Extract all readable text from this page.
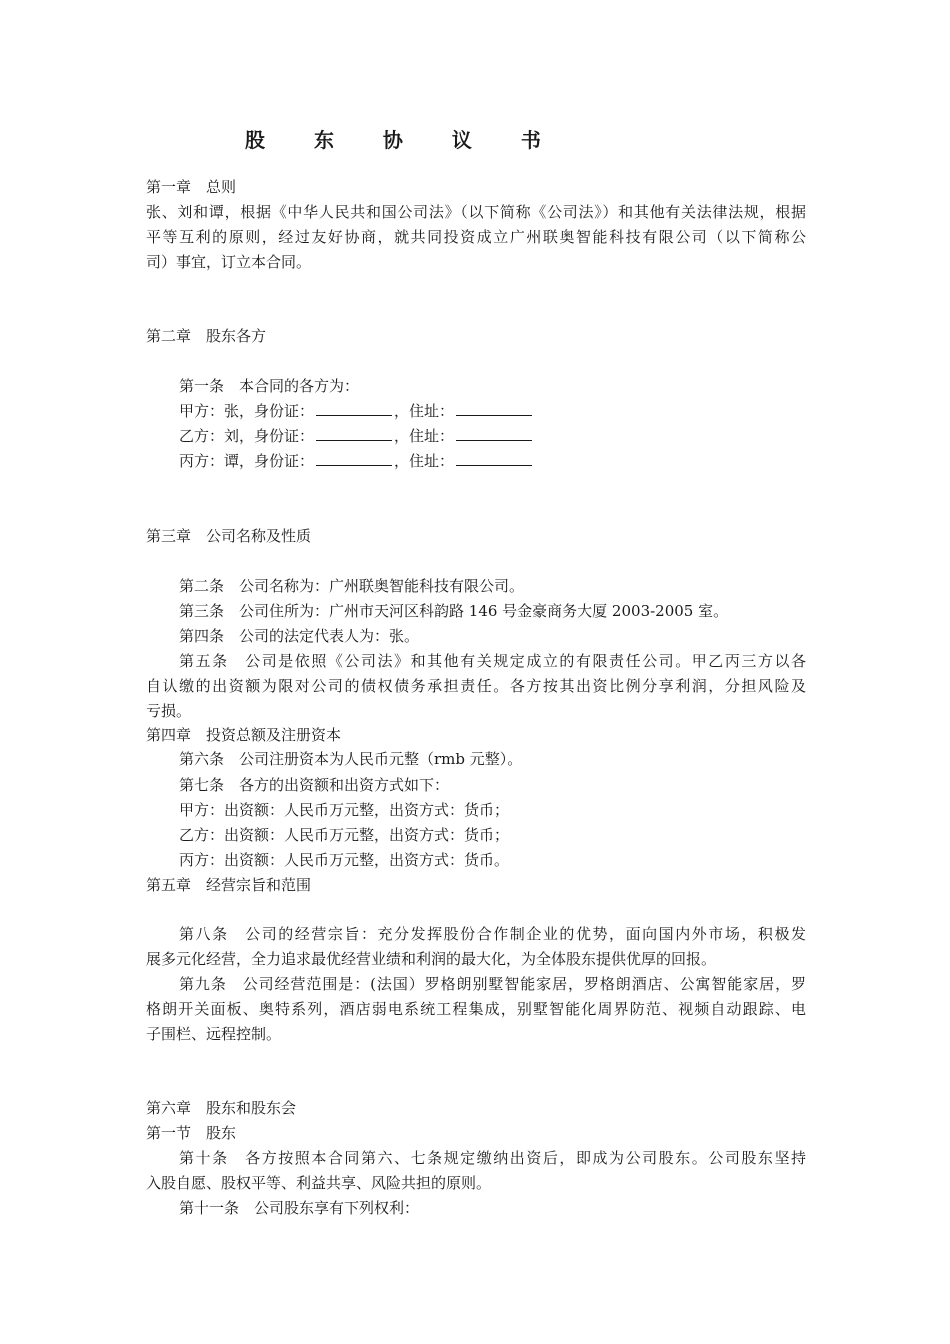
股 东 协 议 书
第一章　总则
张、刘和谭，根据《中华人民共和国公司法》（以下简称《公司法》）和其他有关法律法规，根据
平等互利的原则，经过友好协商，就共同投资成立广州联奥智能科技有限公司（以下简称公
司）事宜，订立本合同。
第二章　股东各方
第一条　本合同的各方为：
甲方：张，身份证：	，住址：
乙方：刘，身份证：	，住址：
丙方：谭，身份证：	，住址：
第三章　公司名称及性质
第二条　公司名称为：广州联奥智能科技有限公司。
第三条　公司住所为：广州市天河区科韵路 146 号金豪商务大厦 2003-2005 室。
第四条　公司的法定代表人为：张。
第五条　公司是依照《公司法》和其他有关规定成立的有限责任公司。甲乙丙三方以各
自认缴的出资额为限对公司的债权债务承担责任。各方按其出资比例分享利润，分担风险及
亏损。
第四章　投资总额及注册资本
第六条　公司注册资本为人民币元整（rmb 元整）。
第七条　各方的出资额和出资方式如下：
甲方：出资额：人民币万元整，出资方式：货币；
乙方：出资额：人民币万元整，出资方式：货币；
丙方：出资额：人民币万元整，出资方式：货币。
第五章　经营宗旨和范围
第八条　公司的经营宗旨：充分发挥股份合作制企业的优势，面向国内外市场，积极发
展多元化经营，全力追求最优经营业绩和利润的最大化，为全体股东提供优厚的回报。
第九条　公司经营范围是：(法国）罗格朗别墅智能家居，罗格朗酒店、公寓智能家居，罗
格朗开关面板、奥特系列，酒店弱电系统工程集成，别墅智能化周界防范、视频自动跟踪、电
子围栏、远程控制。
第六章　股东和股东会
第一节　股东
第十条　各方按照本合同第六、七条规定缴纳出资后，即成为公司股东。公司股东坚持
入股自愿、股权平等、利益共享、风险共担的原则。
第十一条　公司股东享有下列权利：
